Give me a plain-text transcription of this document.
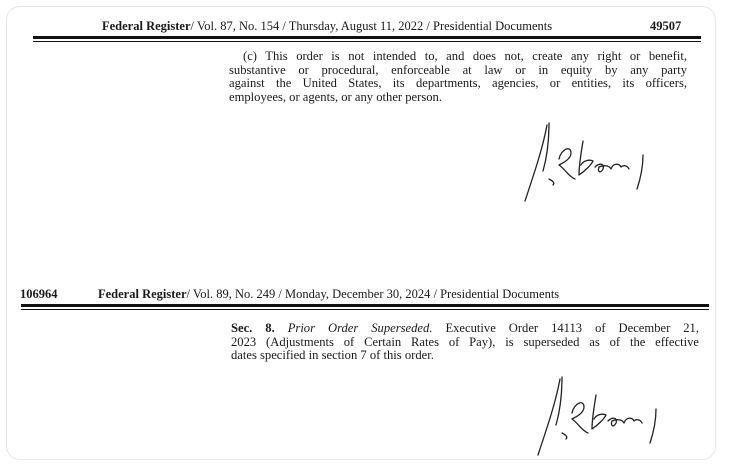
Federal Register/ Vol. 87, No. 154 / Thursday, August 11, 2022 / Presidential Documents	49507
(c) This order is not intended to, and does not, create any right or benefit,
substantive or procedural, enforceable at law or in equity by any party
against the United States, its departments, agencies, or entities, its officers,
employees, or agents, or any other person.
106964	Federal Register/ Vol. 89, No. 249 / Monday, December 30, 2024 / Presidential Documents
Sec. 8. Prior Order Superseded. Executive Order 14113 of December 21,
2023 (Adjustments of Certain Rates of Pay), is superseded as of the effective
dates specified in section 7 of this order.
